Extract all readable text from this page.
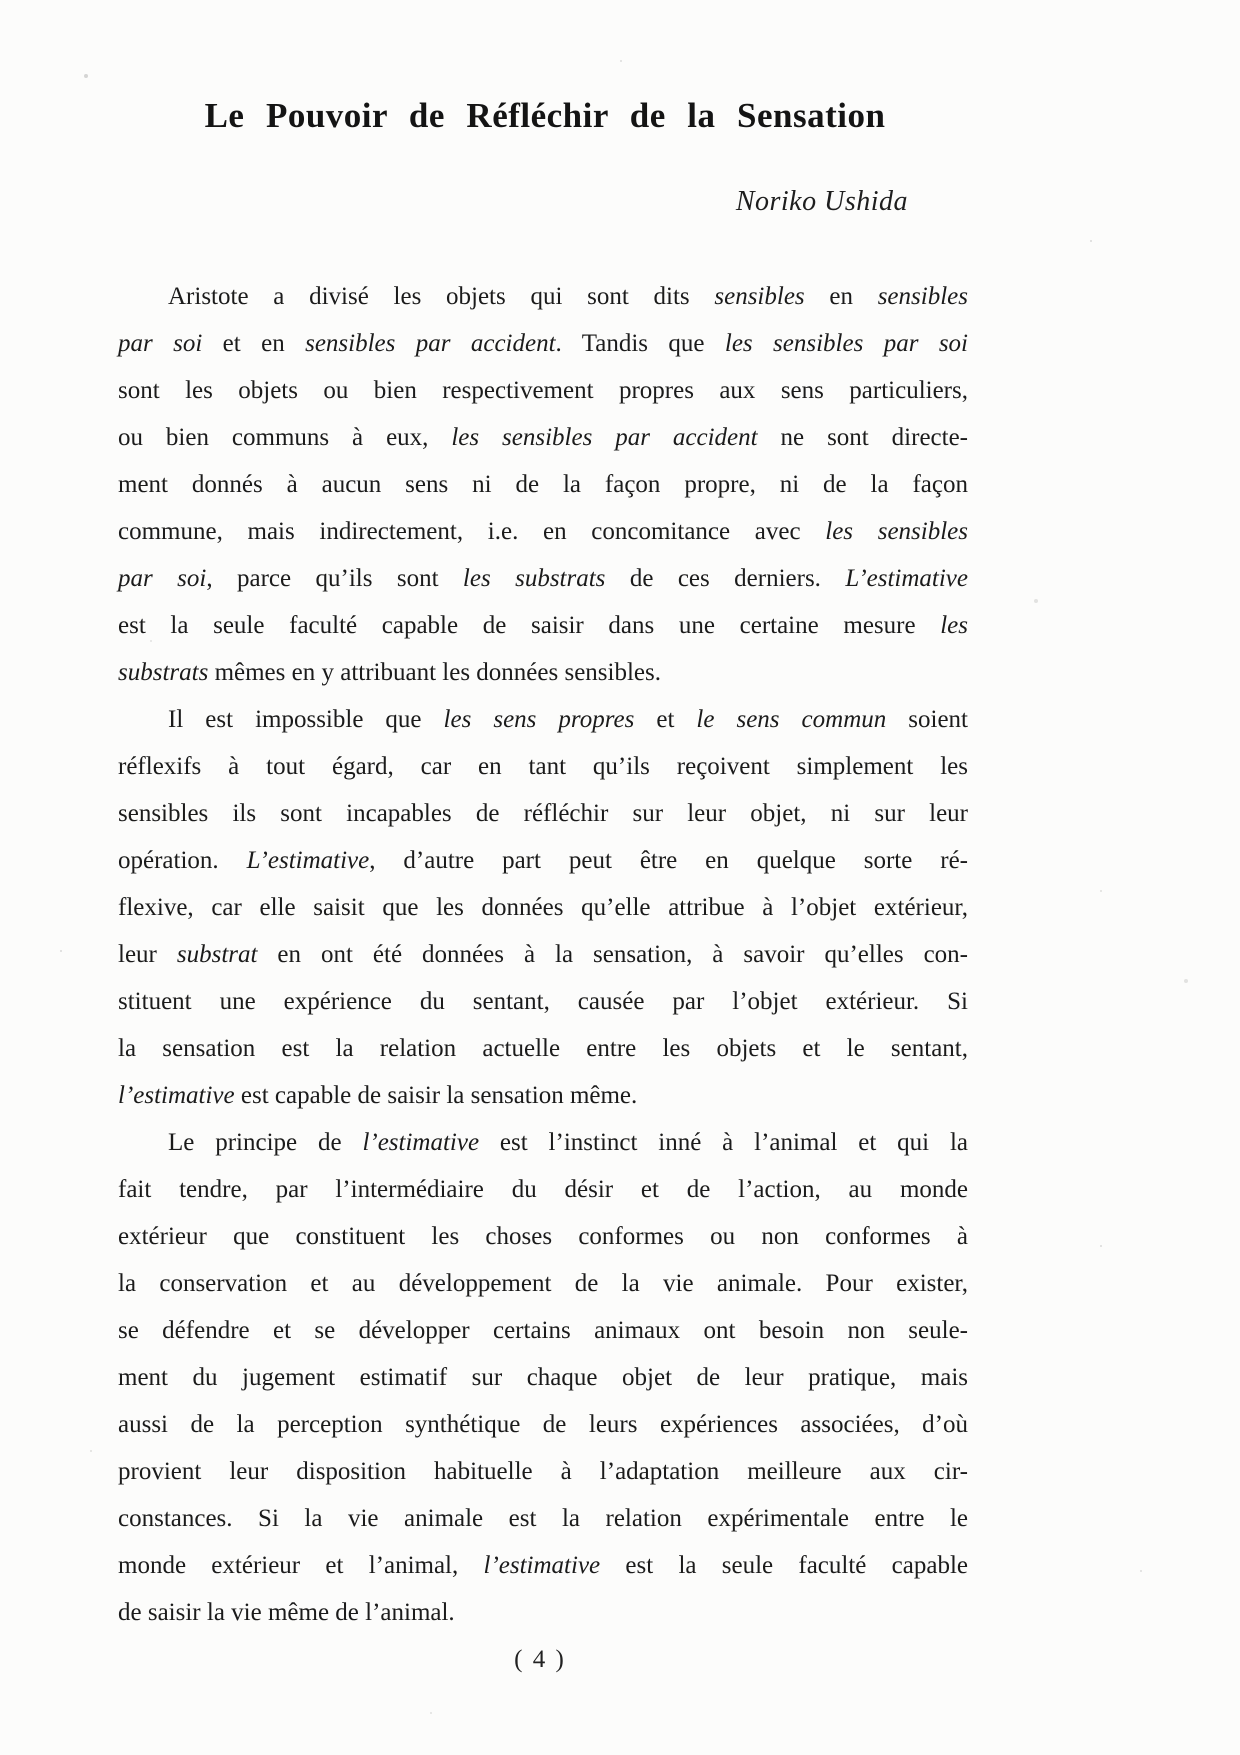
Le Pouvoir de Réfléchir de la Sensation
Noriko Ushida
Aristote a divisé les objets qui sont dits sensibles en sensibles
par soi et en sensibles par accident. Tandis que les sensibles par soi
sont les objets ou bien respectivement propres aux sens particuliers,
ou bien communs à eux, les sensibles par accident ne sont directe-
ment donnés à aucun sens ni de la façon propre, ni de la façon
commune, mais indirectement, i.e. en concomitance avec les sensibles
par soi, parce qu’ils sont les substrats de ces derniers. L’estimative
est la seule faculté capable de saisir dans une certaine mesure les
substrats mêmes en y attribuant les données sensibles.
Il est impossible que les sens propres et le sens commun soient
réflexifs à tout égard, car en tant qu’ils reçoivent simplement les
sensibles ils sont incapables de réfléchir sur leur objet, ni sur leur
opération. L’estimative, d’autre part peut être en quelque sorte ré-
flexive, car elle saisit que les données qu’elle attribue à l’objet extérieur,
leur substrat en ont été données à la sensation, à savoir qu’elles con-
stituent une expérience du sentant, causée par l’objet extérieur. Si
la sensation est la relation actuelle entre les objets et le sentant,
l’estimative est capable de saisir la sensation même.
Le principe de l’estimative est l’instinct inné à l’animal et qui la
fait tendre, par l’intermédiaire du désir et de l’action, au monde
extérieur que constituent les choses conformes ou non conformes à
la conservation et au développement de la vie animale. Pour exister,
se défendre et se développer certains animaux ont besoin non seule-
ment du jugement estimatif sur chaque objet de leur pratique, mais
aussi de la perception synthétique de leurs expériences associées, d’où
provient leur disposition habituelle à l’adaptation meilleure aux cir-
constances. Si la vie animale est la relation expérimentale entre le
monde extérieur et l’animal, l’estimative est la seule faculté capable
de saisir la vie même de l’animal.
( 4 )
